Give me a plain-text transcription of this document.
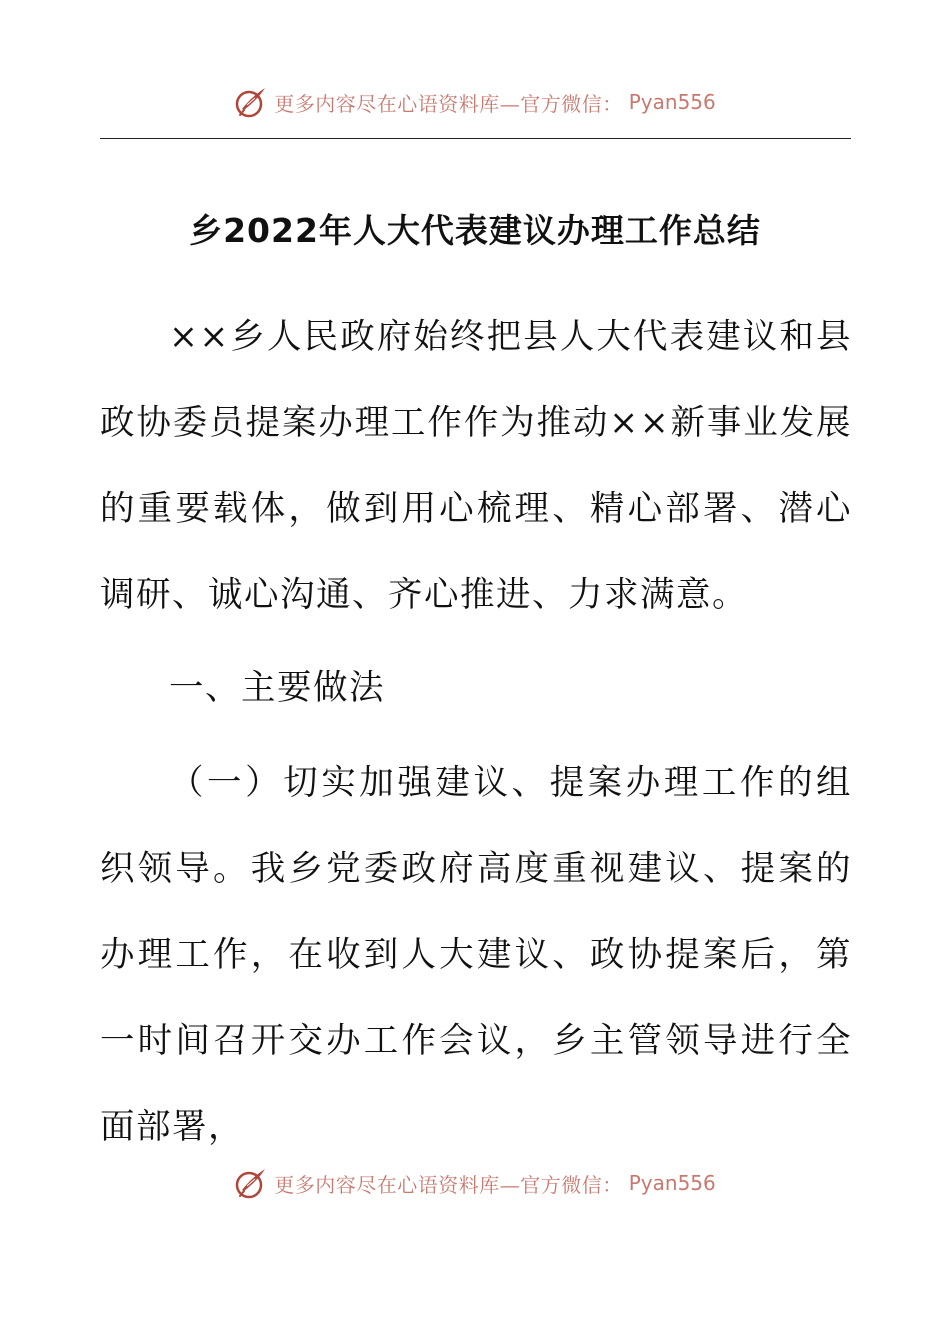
更多内容尽在心语资料库—官方微信： Pyan556
乡2022年人大代表建议办理工作总结

××乡人民政府始终把县人大代表建议和县政协委员提案办理工作作为推动××新事业发展的重要载体，做到用心梳理、精心部署、潜心调研、诚心沟通、齐心推进、力求满意。

一、主要做法

（一）切实加强建议、提案办理工作的组织领导。我乡党委政府高度重视建议、提案的办理工作，在收到人大建议、政协提案后，第一时间召开交办工作会议，乡主管领导进行全面部署，

更多内容尽在心语资料库—官方微信： Pyan556
